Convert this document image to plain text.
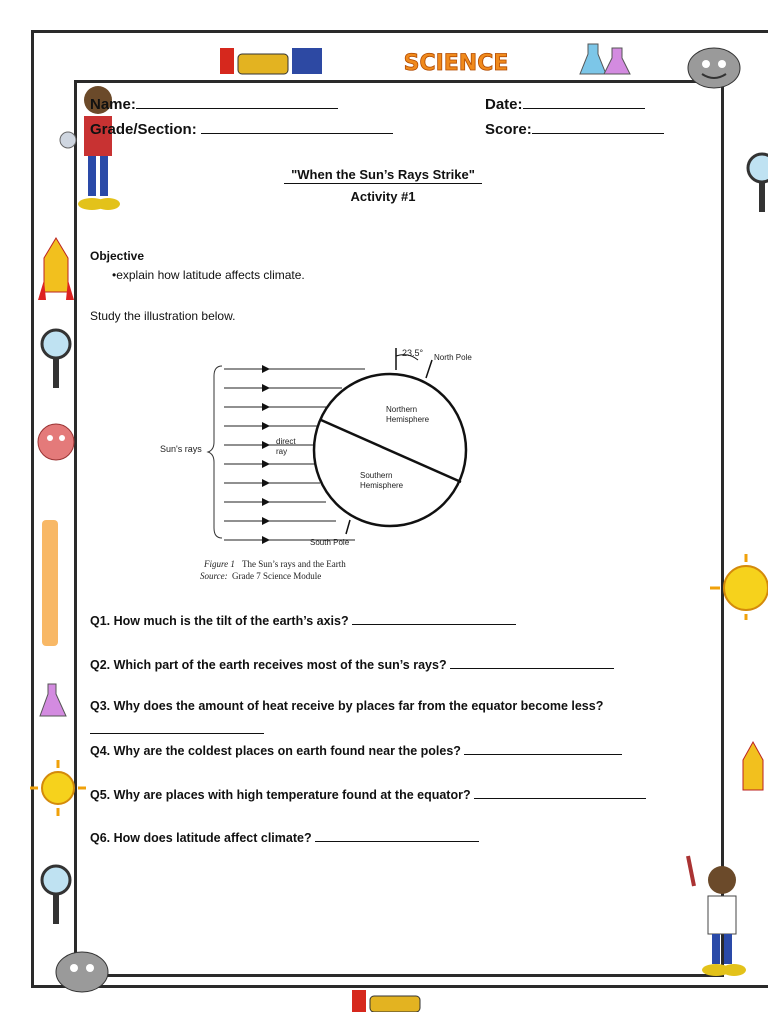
SCIENCE
Name:	Date:
Grade/Section:	Score:
"When the Sun’s Rays Strike"
Activity #1
Objective
•explain how latitude affects climate.
Study the illustration below.
Sun's rays
direct
ray
23.5° North Pole
Northern
Hemisphere
Southern
Hemisphere
South Pole
Figure 1 The Sun’s rays and the Earth
Source: Grade 7 Science Module
Q1. How much is the tilt of the earth’s axis?
Q2. Which part of the earth receives most of the sun’s rays?
Q3. Why does the amount of heat receive by places far from the equator become less?
Q4. Why are the coldest places on earth found near the poles?
Q5. Why are places with high temperature found at the equator?
Q6. How does latitude affect climate?
